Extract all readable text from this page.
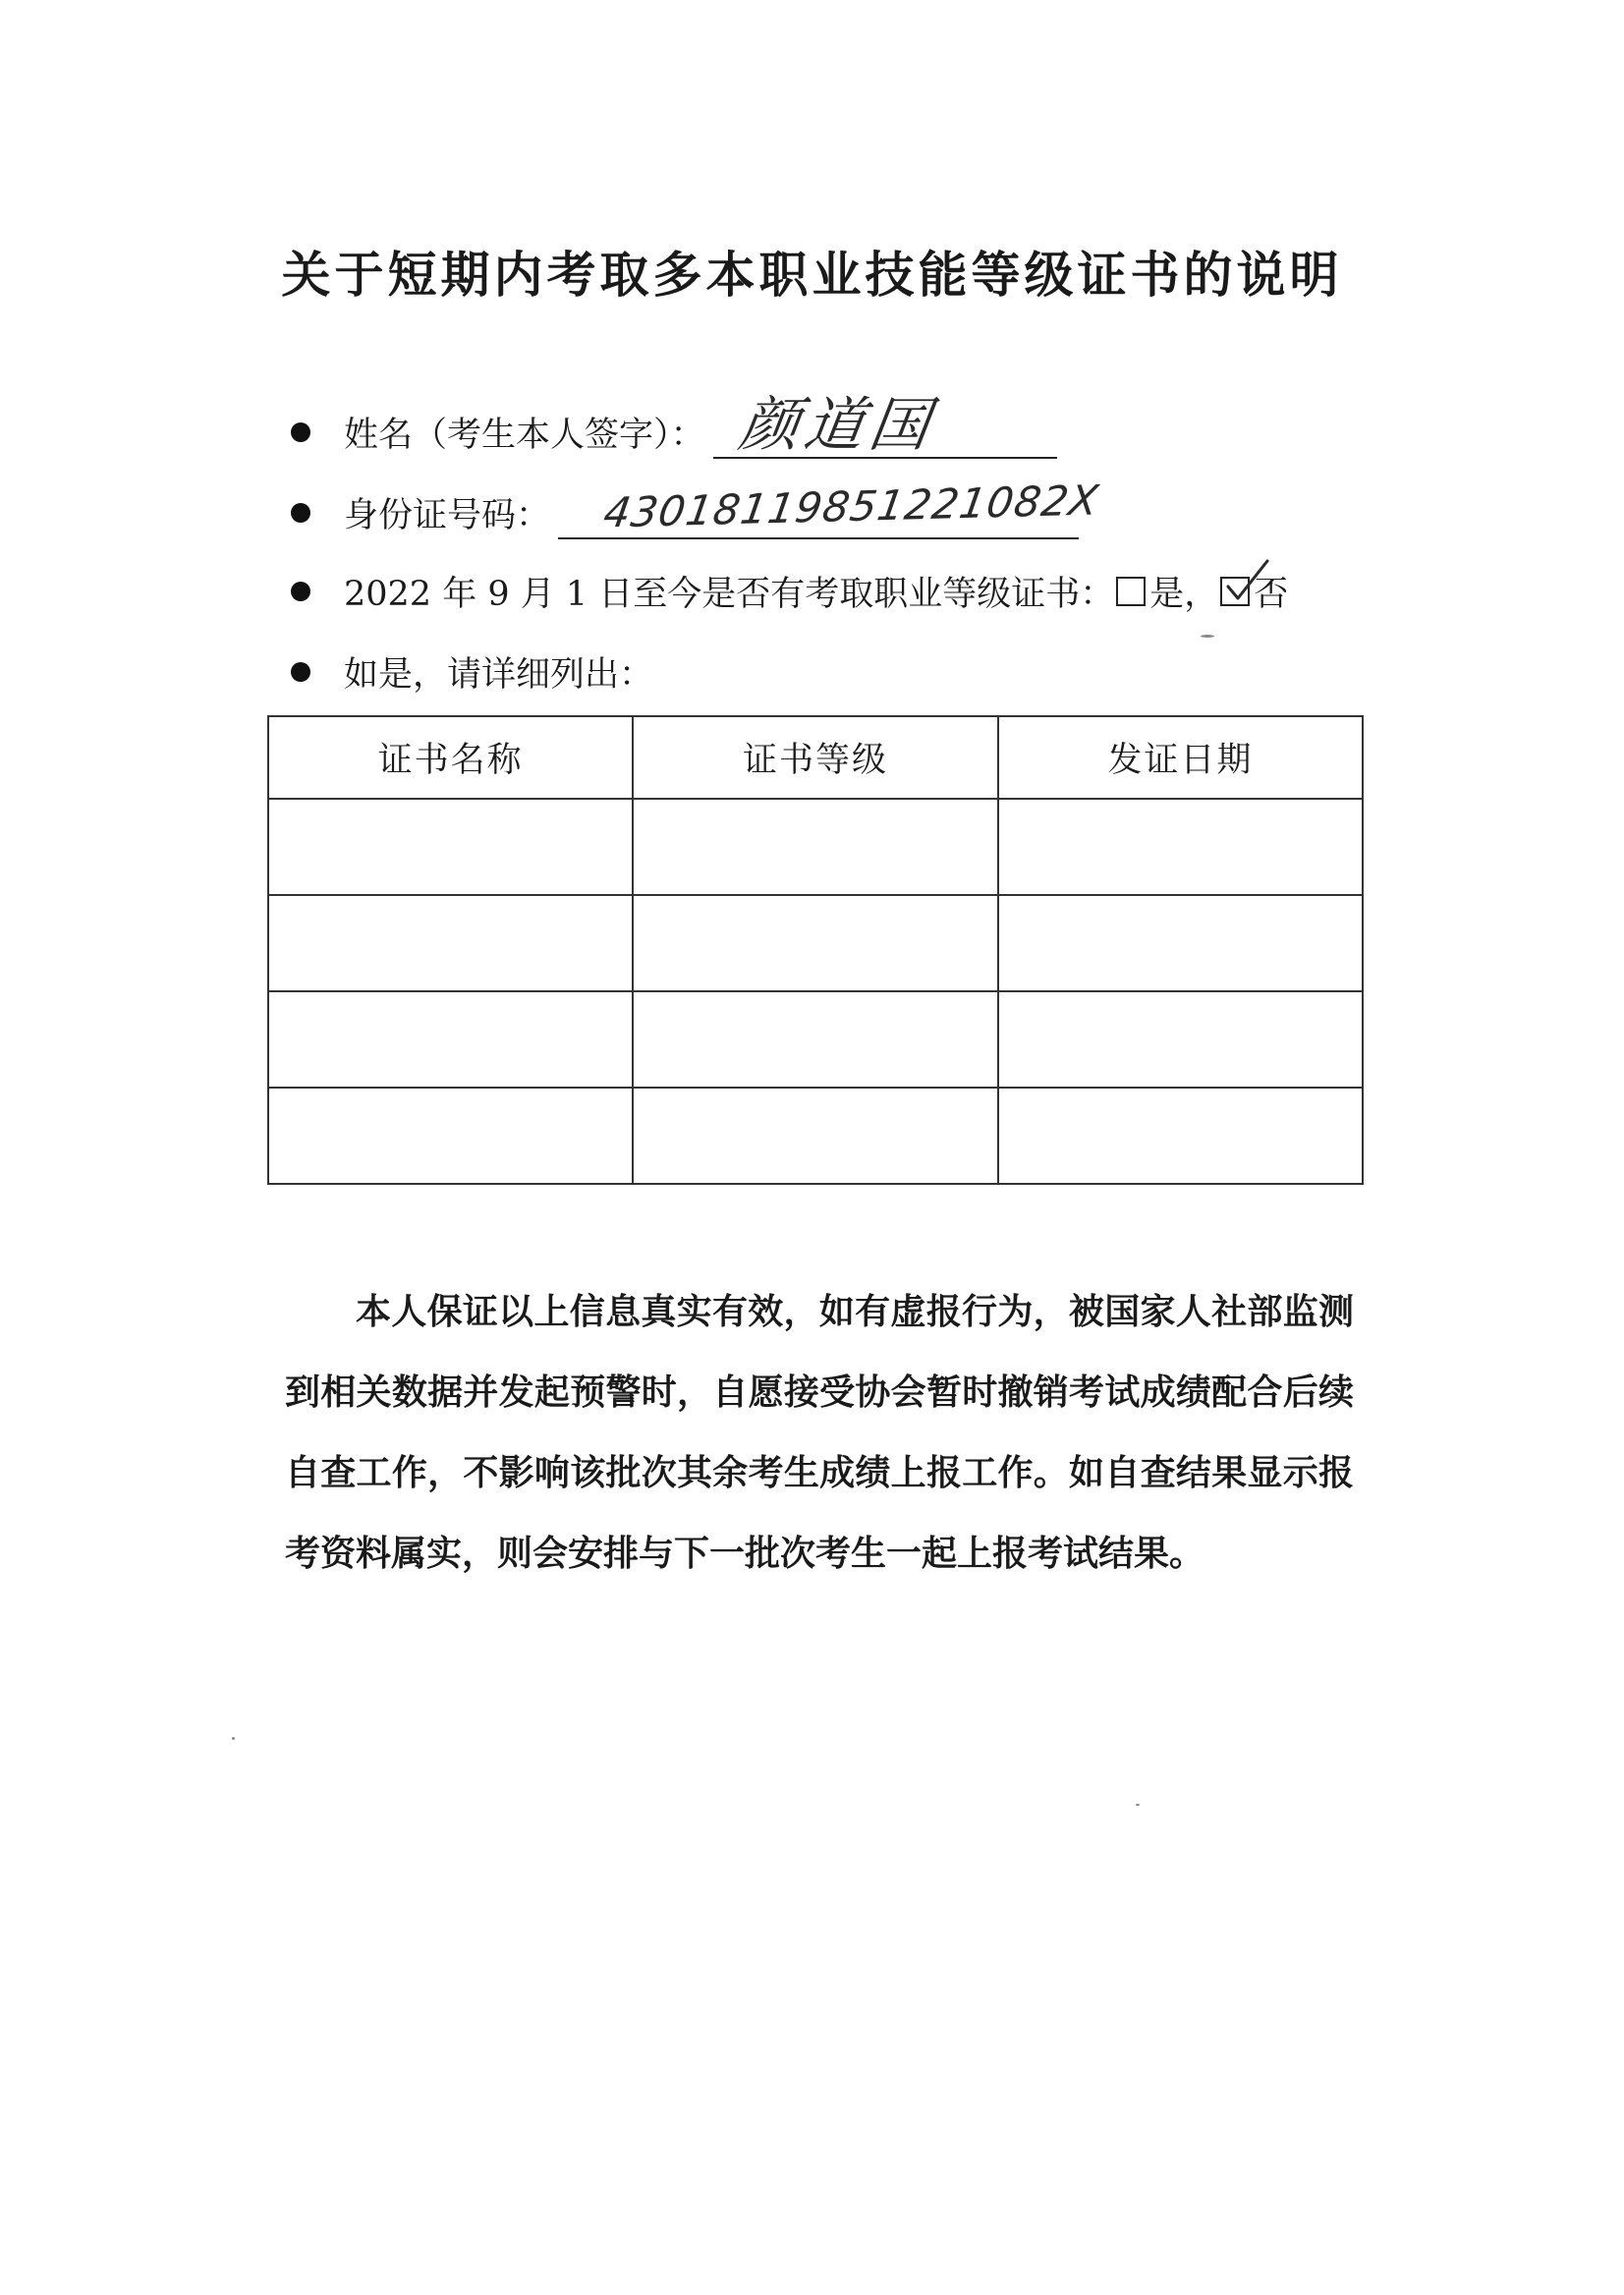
关于短期内考取多本职业技能等级证书的说明
姓名（考生本人签字）： 颜道国
身份证号码： 43018119851221082X
2022 年 9 月 1 日至今是否有考取职业等级证书： 是， 否
如是，请详细列出：
证书名称	证书等级	发证日期

本人保证以上信息真实有效，如有虚报行为，被国家人社部监测到相关数据并发起预警时，自愿接受协会暂时撤销考试成绩配合后续自查工作，不影响该批次其余考生成绩上报工作。如自查结果显示报考资料属实，则会安排与下一批次考生一起上报考试结果。
